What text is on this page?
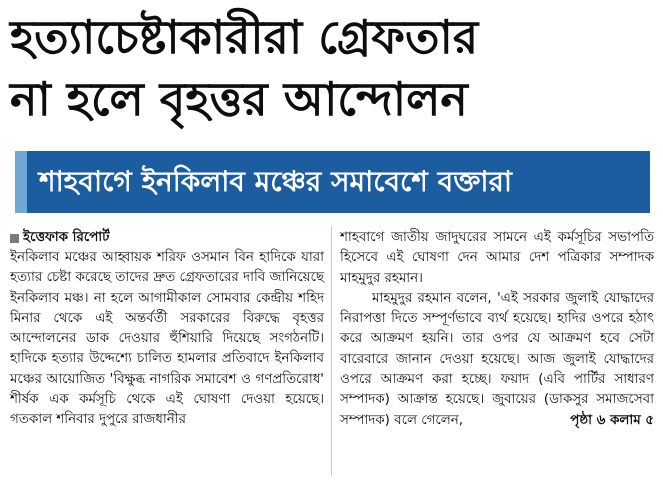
হত্যাচেষ্টাকারীরা গ্রেফতার
না হলে বৃহত্তর আন্দোলন
শাহবাগে ইনকিলাব মঞ্চের সমাবেশে বক্তারা
ইত্তেফাক রিপোর্ট

ইনকিলাব মঞ্চের আহ্বায়ক শরিফ ওসমান বিন হাদিকে যারা হত্যার চেষ্টা করেছে তাদের দ্রুত গ্রেফতারের দাবি জানিয়েছে ইনকিলাব মঞ্চ। না হলে আগামীকাল সোমবার কেন্দ্রীয় শহিদ মিনার থেকে এই অন্তর্বর্তী সরকারের বিরুদ্ধে বৃহত্তর আন্দোলনের ডাক দেওয়ার হুঁশিয়ারি দিয়েছে সংগঠনটি। হাদিকে হত্যার উদ্দেশ্যে চালিত হামলার প্রতিবাদে ইনকিলাব মঞ্চের আয়োজিত 'বিক্ষুব্ধ নাগরিক সমাবেশ ও গণপ্রতিরোধ' শীর্ষক এক কর্মসূচি থেকে এই ঘোষণা দেওয়া হয়েছে। গতকাল শনিবার দুপুরে রাজধানীর

শাহবাগে জাতীয় জাদুঘরের সামনে এই কর্মসূচির সভাপতি হিসেবে এই ঘোষণা দেন আমার দেশ পত্রিকার সম্পাদক মাহমুদুর রহমান।

মাহমুদুর রহমান বলেন, 'এই সরকার জুলাই যোদ্ধাদের নিরাপত্তা দিতে সম্পূর্ণভাবে ব্যর্থ হয়েছে। হাদির ওপরে হঠাৎ করে আক্রমণ হয়নি। তার ওপর যে আক্রমণ হবে সেটা বারেবারে জানান দেওয়া হয়েছে। আজ জুলাই যোদ্ধাদের ওপরে আক্রমণ করা হচ্ছে। ফয়াদ (এবি পার্টির সাধারণ সম্পাদক) আক্রান্ত হয়েছে। জুবায়ের (ডাকসুর সমাজসেবা সম্পাদক) বলে গেলেন,	পৃষ্ঠা ৬ কলাম ৫
